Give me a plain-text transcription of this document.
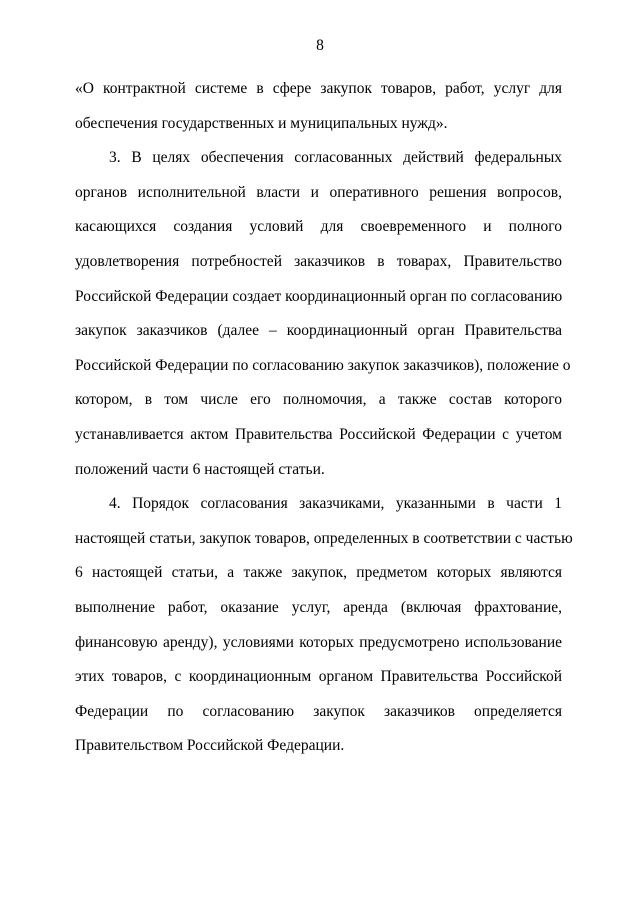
8

«О контрактной системе в сфере закупок товаров, работ, услуг для
обеспечения государственных и муниципальных нужд».

3. В целях обеспечения согласованных действий федеральных
органов исполнительной власти и оперативного решения вопросов,
касающихся создания условий для своевременного и полного
удовлетворения потребностей заказчиков в товарах, Правительство
Российской Федерации создает координационный орган по согласованию
закупок заказчиков (далее – координационный орган Правительства
Российской Федерации по согласованию закупок заказчиков), положение о
котором, в том числе его полномочия, а также состав которого
устанавливается актом Правительства Российской Федерации с учетом
положений части 6 настоящей статьи.

4. Порядок согласования заказчиками, указанными в части 1
настоящей статьи, закупок товаров, определенных в соответствии с частью
6 настоящей статьи, а также закупок, предметом которых являются
выполнение работ, оказание услуг, аренда (включая фрахтование,
финансовую аренду), условиями которых предусмотрено использование
этих товаров, с координационным органом Правительства Российской
Федерации по согласованию закупок заказчиков определяется
Правительством Российской Федерации.
